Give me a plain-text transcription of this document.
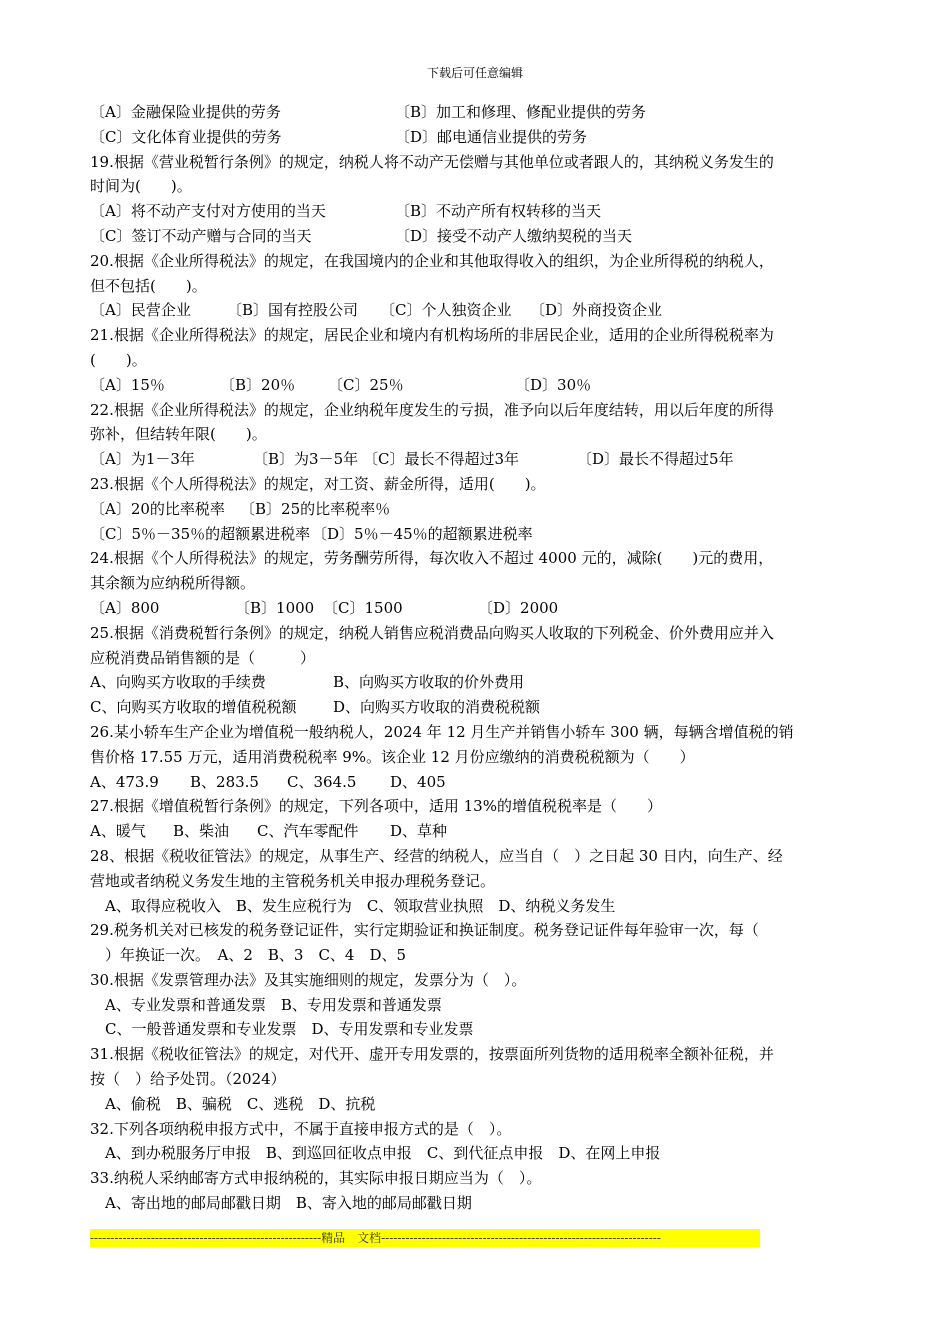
下载后可任意编辑
〔A〕金融保险业提供的劳务	〔B〕加工和修理、修配业提供的劳务
〔C〕文化体育业提供的劳务	〔D〕邮电通信业提供的劳务
19.根据《营业税暂行条例》的规定，纳税人将不动产无偿赠与其他单位或者跟人的，其纳税义务发生的
时间为(　　)。
〔A〕将不动产支付对方使用的当天	〔B〕不动产所有权转移的当天
〔C〕签订不动产赠与合同的当天	〔D〕接受不动产人缴纳契税的当天
20.根据《企业所得税法》的规定，在我国境内的企业和其他取得收入的组织，为企业所得税的纳税人，
但不包括(　　)。
〔A〕民营企业 〔B〕国有控股公司 〔C〕个人独资企业 〔D〕外商投资企业
21.根据《企业所得税法》的规定，居民企业和境内有机构场所的非居民企业，适用的企业所得税税率为
(　　)。
〔A〕15％	〔B〕20％ 〔C〕25％	〔D〕30％
22.根据《企业所得税法》的规定，企业纳税年度发生的亏损，准予向以后年度结转，用以后年度的所得
弥补，但结转年限(　　)。
〔A〕为1－3年	〔B〕为3－5年 〔C〕最长不得超过3年	〔D〕最长不得超过5年
23.根据《个人所得税法》的规定，对工资、薪金所得，适用(　　)。
〔A〕20的比率税率 〔B〕25的比率税率％
〔C〕5％－35％的超额累进税率 〔D〕5％－45％的超额累进税率
24.根据《个人所得税法》的规定，劳务酬劳所得，每次收入不超过 4000 元的，减除(　　)元的费用，
其余额为应纳税所得额。
〔A〕800	〔B〕1000 〔C〕1500	〔D〕2000
25.根据《消费税暂行条例》的规定，纳税人销售应税消费品向购买人收取的下列税金、价外费用应并入
应税消费品销售额的是（　　　）
A、向购买方收取的手续费	B、向购买方收取的价外费用
C、向购买方收取的增值税税额 D、向购买方收取的消费税税额
26.某小轿车生产企业为增值税一般纳税人，2024 年 12 月生产并销售小轿车 300 辆，每辆含增值税的销
售价格 17.55 万元，适用消费税税率 9%。该企业 12 月份应缴纳的消费税税额为（　　）
A、473.9 B、283.5 C、364.5 D、405
27.根据《增值税暂行条例》的规定，下列各项中，适用 13%的增值税税率是（　　）
A、暖气 B、柴油 C、汽车零配件 D、草种
28、根据《税收征管法》的规定，从事生产、经营的纳税人，应当自（　）之日起 30 日内，向生产、经
营地或者纳税义务发生地的主管税务机关申报办理税务登记。
　A、取得应税收入　B、发生应税行为　C、领取营业执照　D、纳税义务发生
29.税务机关对已核发的税务登记证件，实行定期验证和换证制度。税务登记证件每年验审一次，每（
　）年换证一次。　A、2　B、3　C、4　D、5
30.根据《发票管理办法》及其实施细则的规定，发票分为（　）。
　A、专业发票和普通发票　B、专用发票和普通发票
　C、一般普通发票和专业发票　D、专用发票和专业发票
31.根据《税收征管法》的规定，对代开、虚开专用发票的，按票面所列货物的适用税率全额补征税，并
按（　）给予处罚。（2024）
　A、偷税　B、骗税　C、逃税　D、抗税
32.下列各项纳税申报方式中，不属于直接申报方式的是（　）。
　A、到办税服务厅申报　B、到巡回征收点申报　C、到代征点申报　D、在网上申报
33.纳税人采纳邮寄方式申报纳税的，其实际申报日期应当为（　）。
　A、寄出地的邮局邮戳日期　B、寄入地的邮局邮戳日期
---------------------------------------------------------精品　文档---------------------------------------------------------------------
